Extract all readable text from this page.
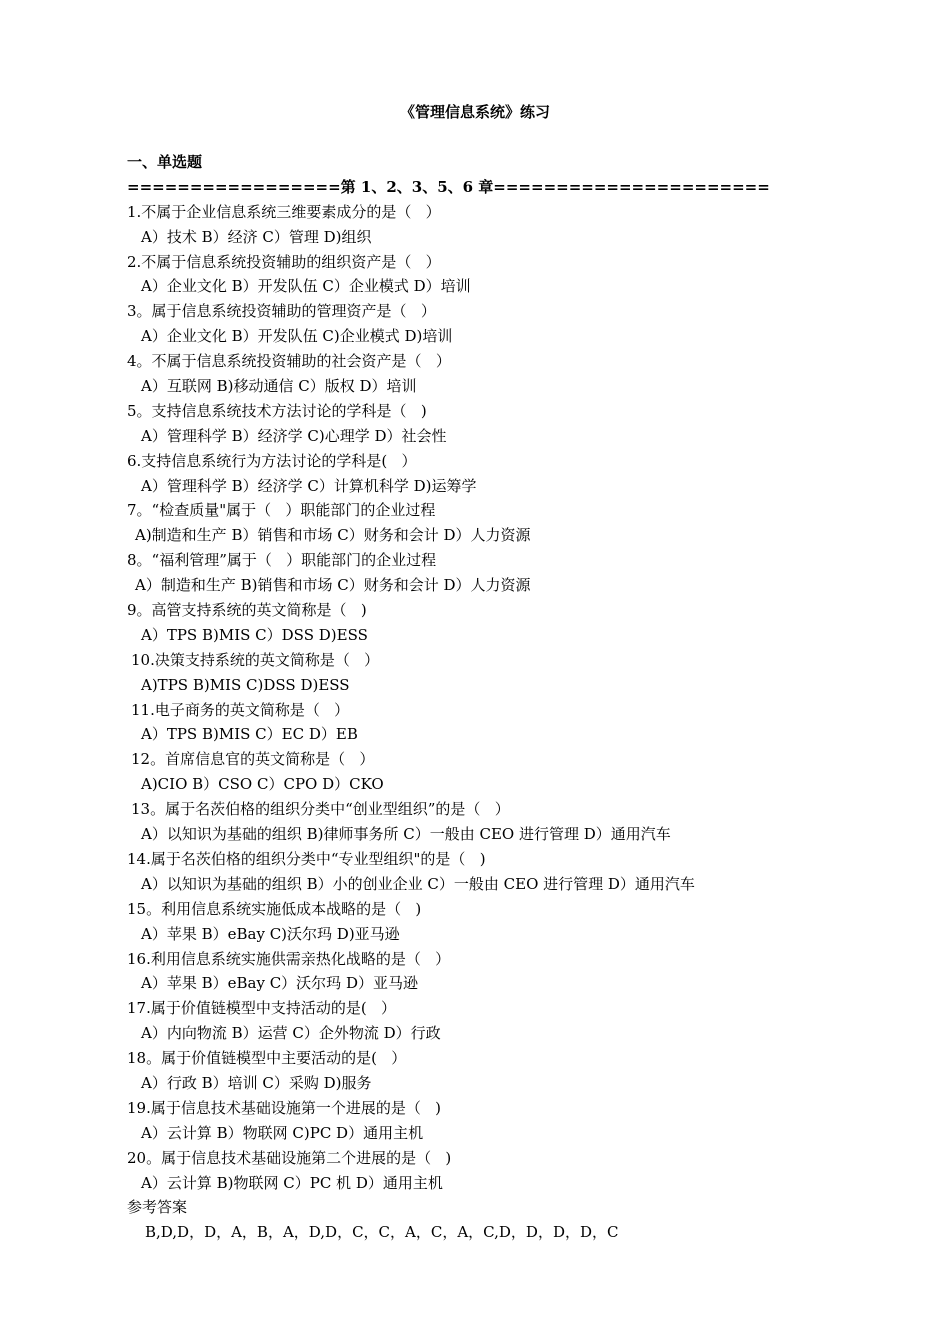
《管理信息系统》练习
一、单选题
=================第 1、2、3、5、6 章======================
1.不属于企业信息系统三维要素成分的是（   ）
A）技术 B）经济 C）管理 D)组织
2.不属于信息系统投资辅助的组织资产是（   ）
A）企业文化 B）开发队伍 C）企业模式 D）培训
3。属于信息系统投资辅助的管理资产是（   ）
A）企业文化 B）开发队伍 C)企业模式 D)培训
4。不属于信息系统投资辅助的社会资产是（   ）
A）互联网 B)移动通信 C）版权 D）培训
5。支持信息系统技术方法讨论的学科是（   )
A）管理科学 B）经济学 C)心理学 D）社会性
6.支持信息系统行为方法讨论的学科是(   ）
A）管理科学 B）经济学 C）计算机科学 D)运筹学
7。“检查质量"属于（   ）职能部门的企业过程
A)制造和生产 B）销售和市场 C）财务和会计 D）人力资源
8。“福利管理”属于（   ）职能部门的企业过程
A）制造和生产 B)销售和市场 C）财务和会计 D）人力资源
9。高管支持系统的英文简称是（   )
A）TPS B)MIS C）DSS D)ESS
10.决策支持系统的英文简称是（   ）
A)TPS B)MIS C)DSS D)ESS
11.电子商务的英文简称是（   ）
A）TPS B)MIS C）EC D）EB
12。首席信息官的英文简称是（   ）
A)CIO B）CSO C）CPO D）CKO
13。属于名茨伯格的组织分类中“创业型组织”的是（   ）
A）以知识为基础的组织 B)律师事务所 C）一般由 CEO 进行管理 D）通用汽车
14.属于名茨伯格的组织分类中“专业型组织"的是（   )
A）以知识为基础的组织 B）小的创业企业 C）一般由 CEO 进行管理 D）通用汽车
15。利用信息系统实施低成本战略的是（   )
A）苹果 B）eBay C)沃尔玛 D)亚马逊
16.利用信息系统实施供需亲热化战略的是（   ）
A）苹果 B）eBay C）沃尔玛 D）亚马逊
17.属于价值链模型中支持活动的是(   ）
A）内向物流 B）运营 C）企外物流 D）行政
18。属于价值链模型中主要活动的是(   ）
A）行政 B）培训 C）采购 D)服务
19.属于信息技术基础设施第一个进展的是（   )
A）云计算 B）物联网 C)PC D）通用主机
20。属于信息技术基础设施第二个进展的是（   )
A）云计算 B)物联网 C）PC 机 D）通用主机
参考答案
B,D,D，D，A，B，A，D,D，C，C，A，C，A，C,D，D，D，D，C
